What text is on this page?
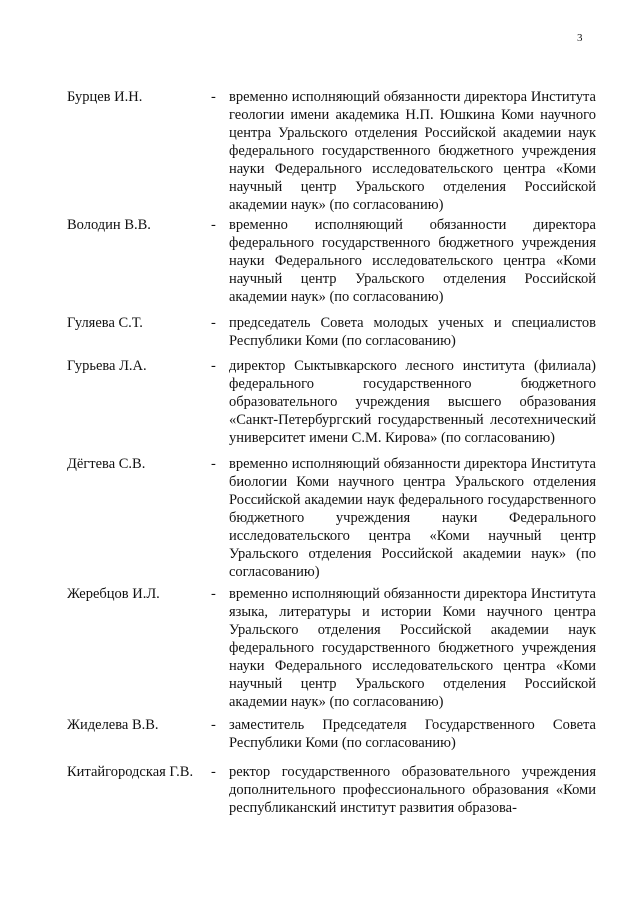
3
Бурцев И.Н.	- временно исполняющий обязанности директора Института геологии имени академика Н.П. Юшкина Коми научного центра Уральского отделения Российской академии наук федерального государственного бюджетного учреждения науки Федерального исследовательского центра «Коми научный центр Уральского отделения Российской академии наук» (по согласованию)

Володин В.В.	- временно исполняющий обязанности директора федерального государственного бюджетного учреждения науки Федерального исследовательского центра «Коми научный центр Уральского отделения Российской академии наук» (по согласованию)

Гуляева С.Т.	- председатель Совета молодых ученых и специалистов Республики Коми (по согласованию)

Гурьева Л.А.	- директор Сыктывкарского лесного института (филиала) федерального государственного бюджетного образовательного учреждения высшего образования «Санкт-Петербургский государственный лесотехнический университет имени С.М. Кирова» (по согласованию)

Дёгтева С.В.	- временно исполняющий обязанности директора Института биологии Коми научного центра Уральского отделения Российской академии наук федерального государственного бюджетного учреждения науки Федерального исследовательского центра «Коми научный центр Уральского отделения Российской академии наук» (по согласованию)

Жеребцов И.Л.	- временно исполняющий обязанности директора Института языка, литературы и истории Коми научного центра Уральского отделения Российской академии наук федерального государственного бюджетного учреждения науки Федерального исследовательского центра «Коми научный центр Уральского отделения Российской академии наук» (по согласованию)

Жиделева В.В.	- заместитель Председателя Государственного Совета Республики Коми (по согласованию)

Китайгородская Г.В. - ректор государственного образовательного учреждения дополнительного профессионального образования «Коми республиканский институт развития образова-
